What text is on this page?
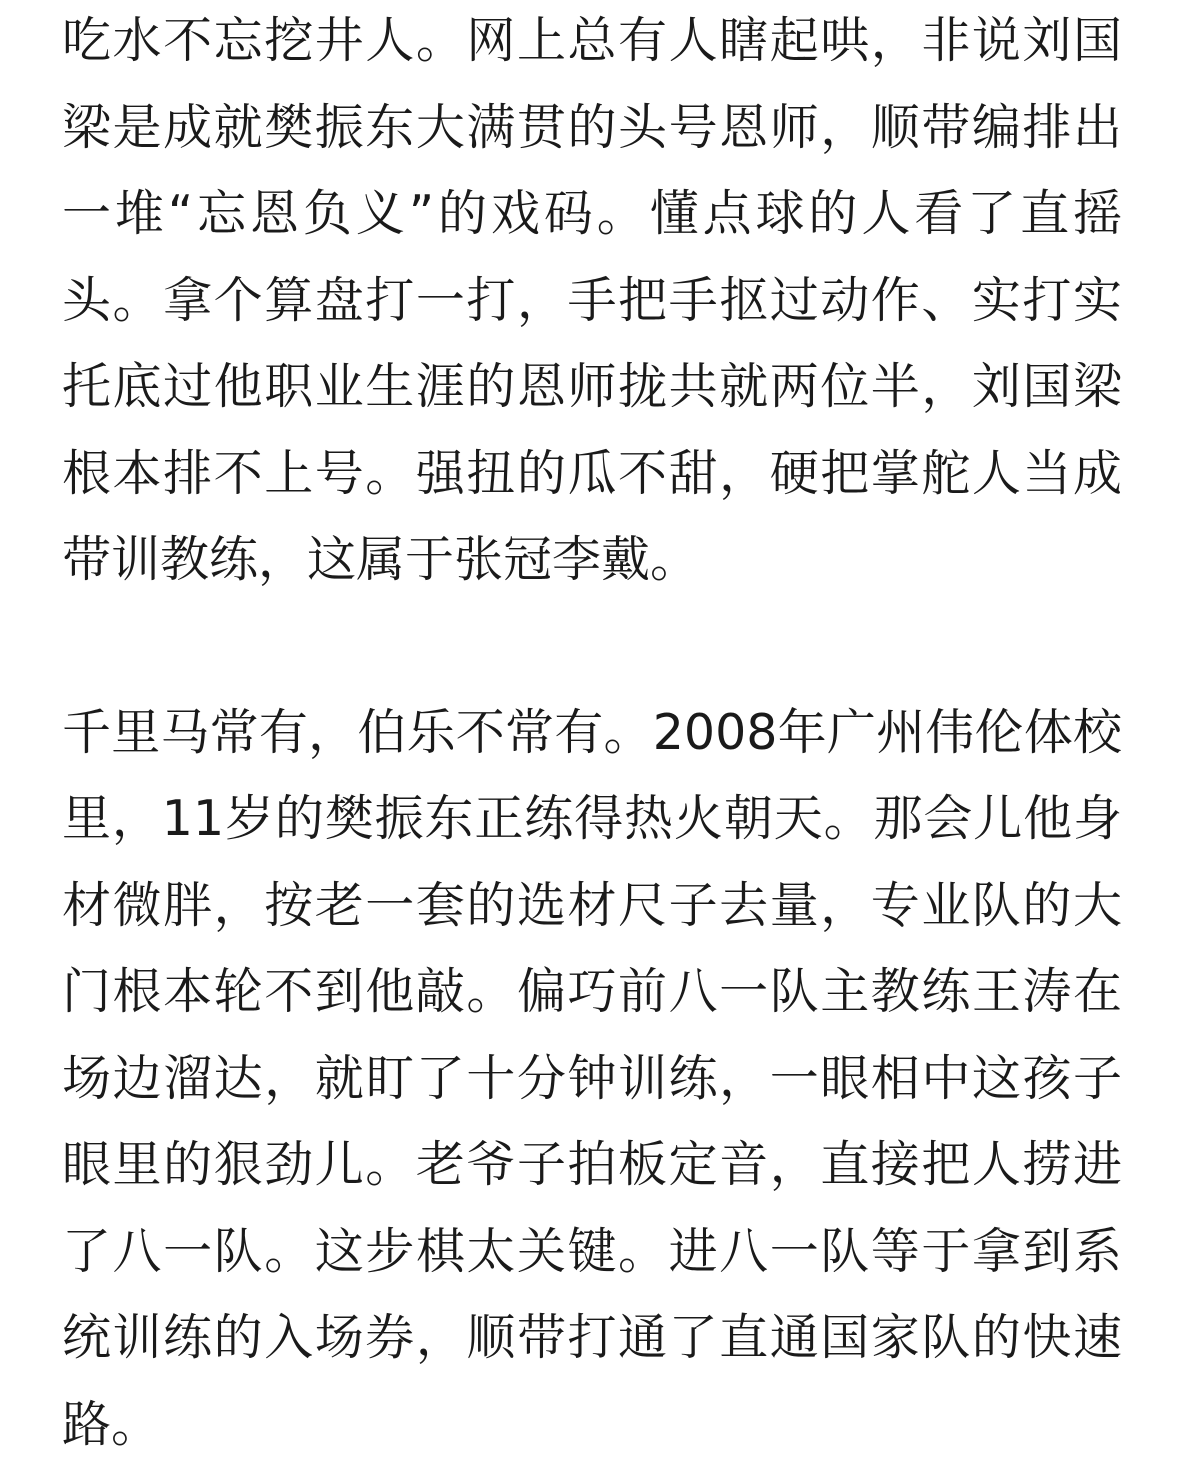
吃水不忘挖井人。网上总有人瞎起哄，非说刘国梁是成就樊振东大满贯的头号恩师，顺带编排出一堆“忘恩负义”的戏码。懂点球的人看了直摇头。拿个算盘打一打，手把手抠过动作、实打实托底过他职业生涯的恩师拢共就两位半，刘国梁根本排不上号。强扭的瓜不甜，硬把掌舵人当成带训教练，这属于张冠李戴。

千里马常有，伯乐不常有。2008年广州伟伦体校里，11岁的樊振东正练得热火朝天。那会儿他身材微胖，按老一套的选材尺子去量，专业队的大门根本轮不到他敲。偏巧前八一队主教练王涛在场边溜达，就盯了十分钟训练，一眼相中这孩子眼里的狠劲儿。老爷子拍板定音，直接把人捞进了八一队。这步棋太关键。进八一队等于拿到系统训练的入场券，顺带打通了直通国家队的快速路。
